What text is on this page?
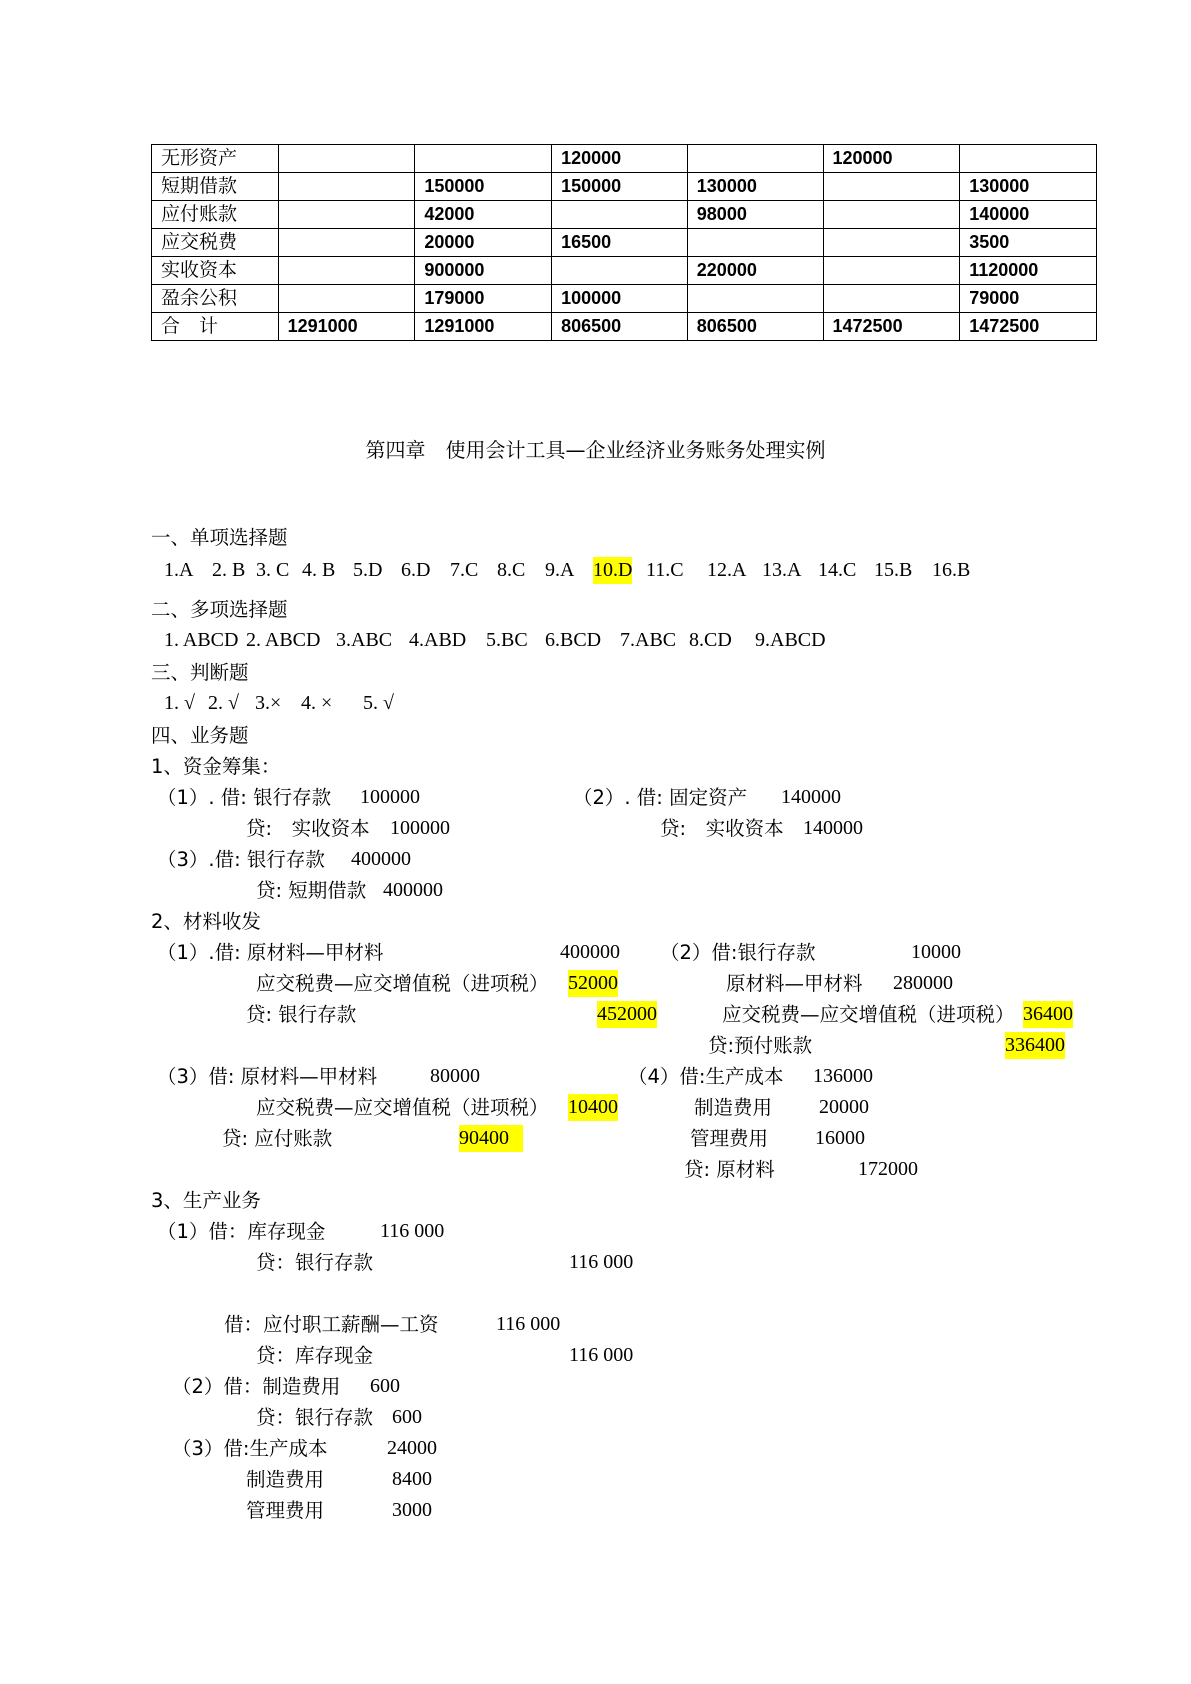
无形资产			120000		120000	
短期借款		150000	150000	130000		130000
应付账款		42000		98000		140000
应交税费		20000	16500			3500
实收资本		900000		220000		1120000
盈余公积		179000	100000			79000
合　计	1291000	1291000	806500	806500	1472500	1472500
第四章　使用会计工具—企业经济业务账务处理实例
一、单项选择题
1.A 2. B 3. C 4. B 5.D 6.D 7.C 8.C 9.A 10.D 11.C 12.A 13.A 14.C 15.B 16.B
二、多项选择题
1. ABCD 2. ABCD 3.ABC 4.ABD 5.BC 6.BCD 7.ABC 8.CD 9.ABCD
三、判断题
1. √ 2. √ 3.× 4. × 5. √
四、业务题
1、资金筹集：
（1）. 借: 银行存款 100000
贷:　实收资本 100000
（2）. 借: 固定资产 140000
贷:　实收资本 140000
（3）.借: 银行存款 400000
贷: 短期借款 400000
2、材料收发
（1）.借: 原材料—甲材料	400000
应交税费—应交增值税（进项税） 52000
贷: 银行存款	452000
（2）借:银行存款	10000
原材料—甲材料 280000
应交税费—应交增值税（进项税） 36400
贷:预付账款	336400
（3）借: 原材料—甲材料	80000
应交税费—应交增值税（进项税） 10400
贷: 应付账款	90400
（4）借:生产成本 136000
制造费用 20000
管理费用 16000
贷: 原材料	172000
3、生产业务
（1）借：库存现金	116 000
贷：银行存款	116 000
借：应付职工薪酬—工资	116 000
贷：库存现金	116 000
（2）借：制造费用 600
贷：银行存款 600
（3）借:生产成本	24000
制造费用	8400
管理费用	3000
